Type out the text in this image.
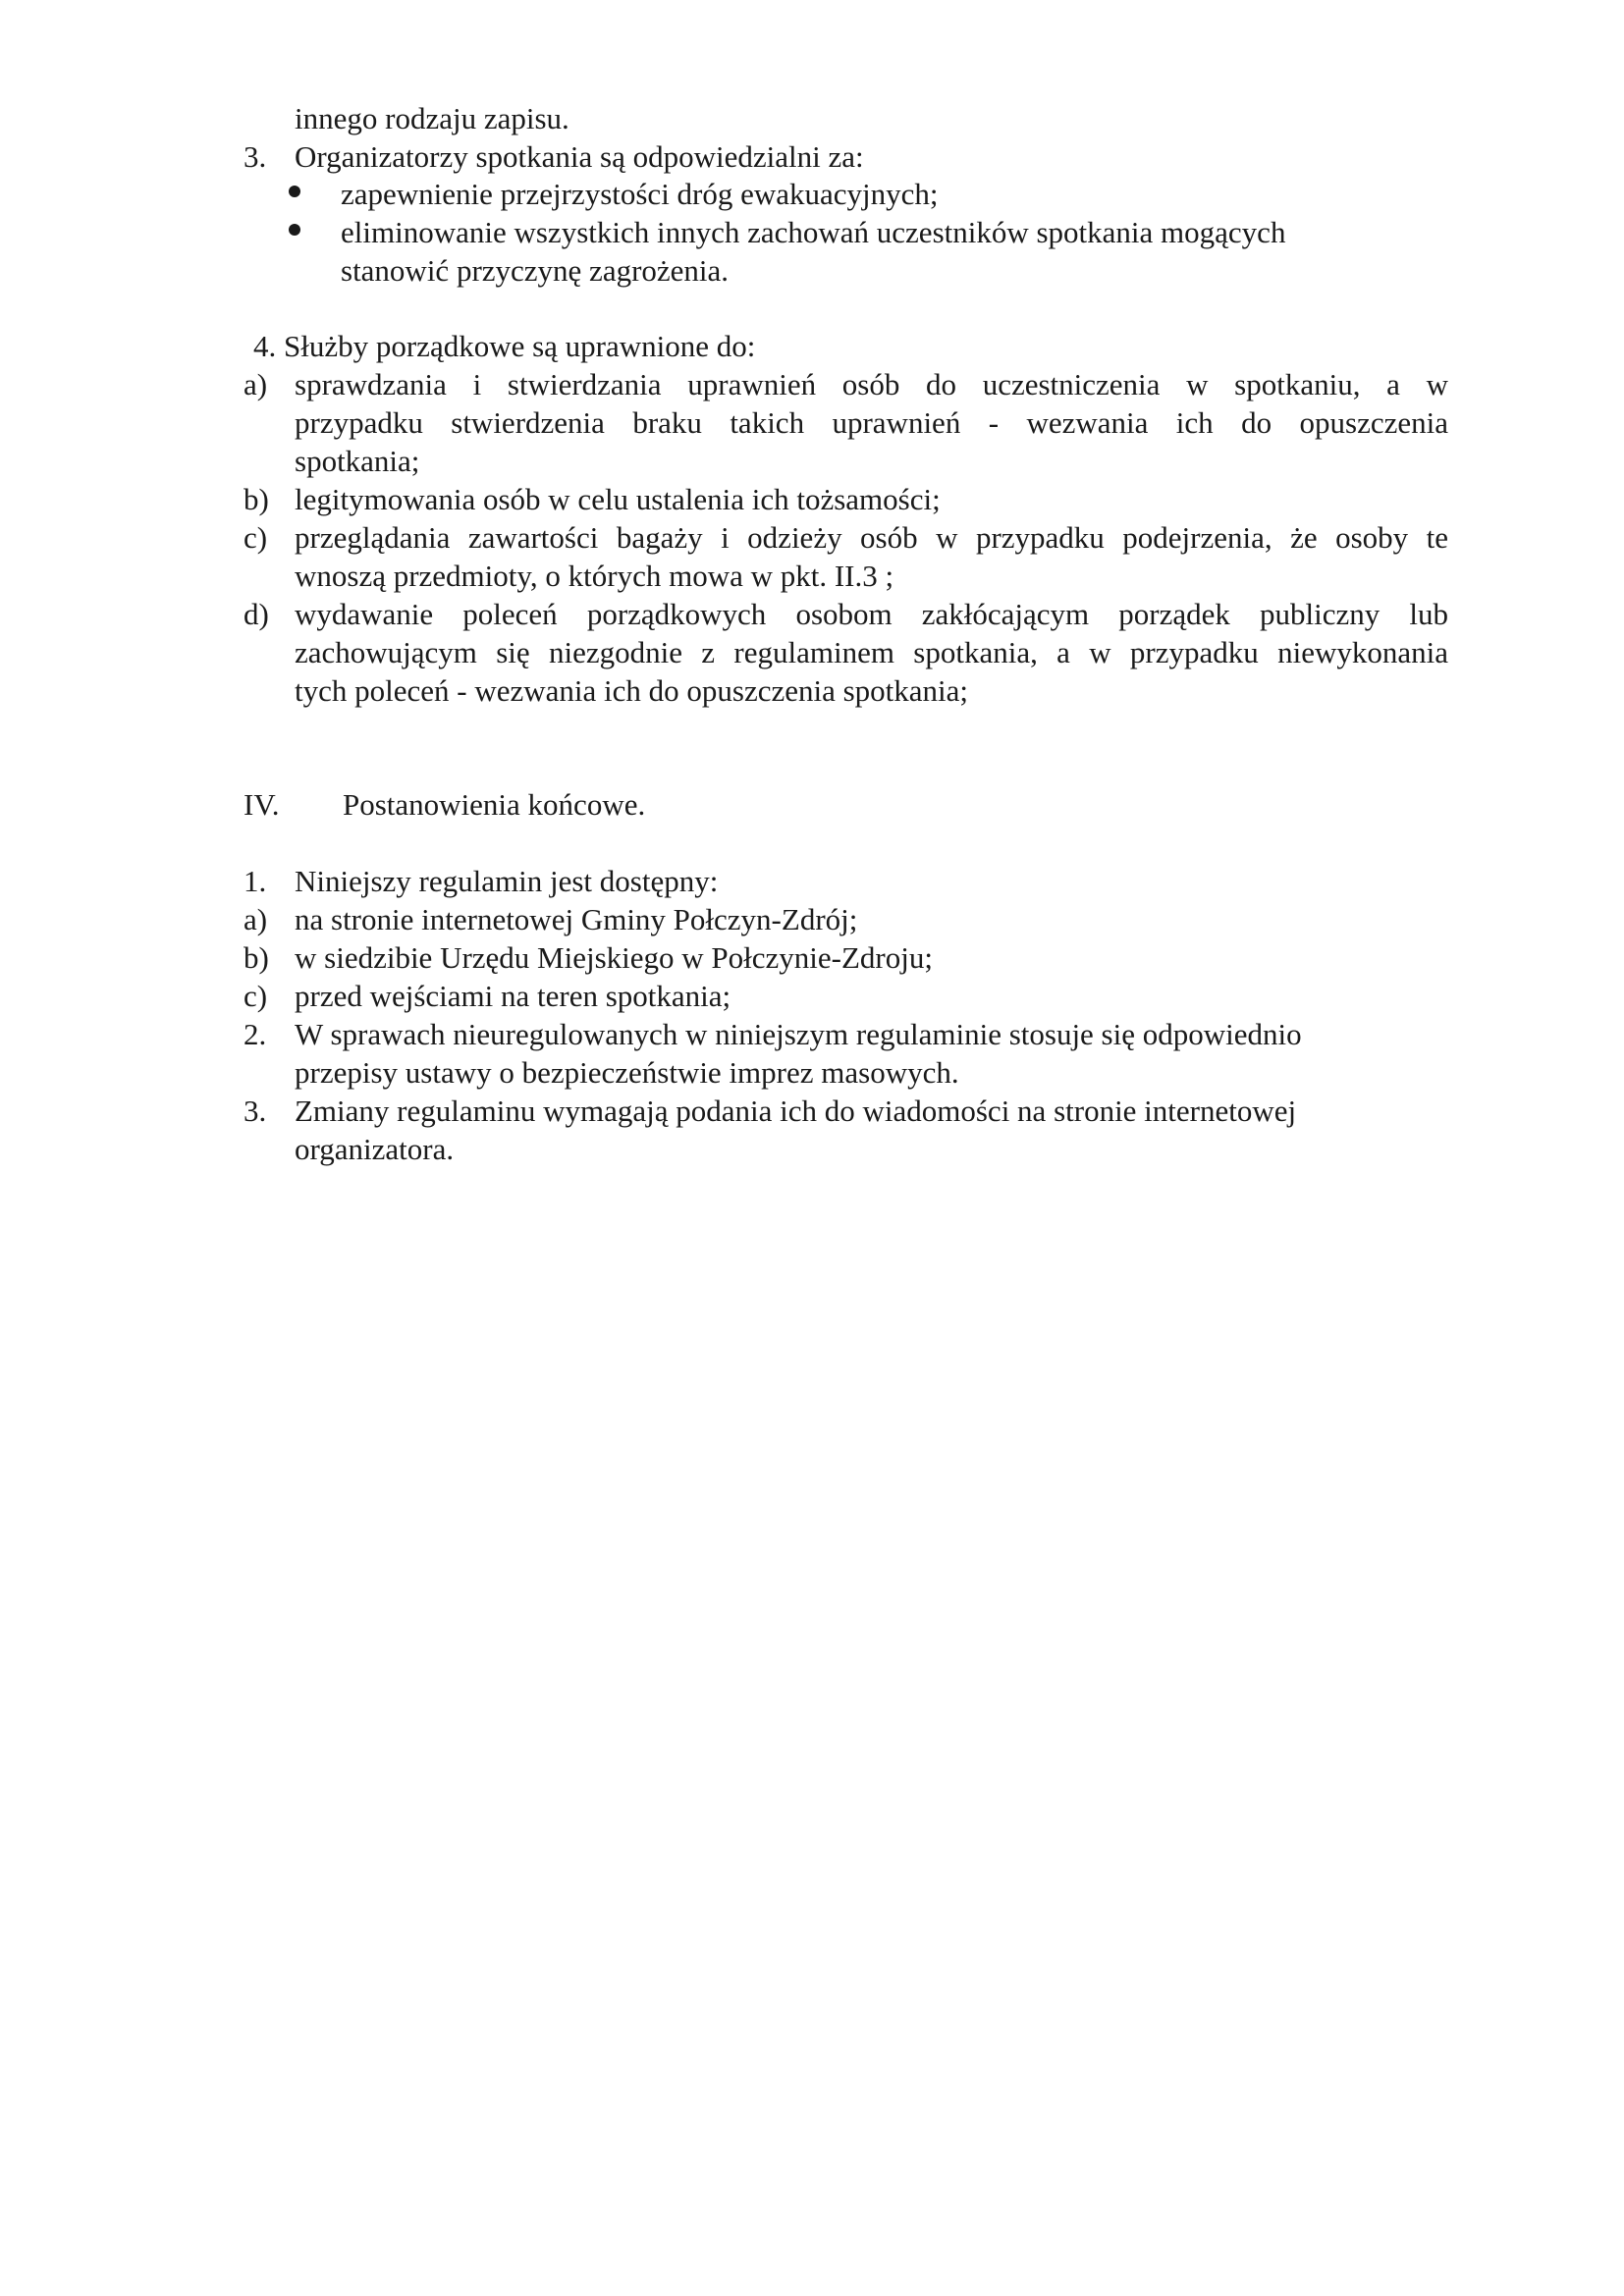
innego rodzaju zapisu.
3. Organizatorzy spotkania są odpowiedzialni za:
zapewnienie przejrzystości dróg ewakuacyjnych;
eliminowanie wszystkich innych zachowań uczestników spotkania mogących
stanowić przyczynę zagrożenia.
4. Służby porządkowe są uprawnione do:
a) sprawdzania i stwierdzania uprawnień osób do uczestniczenia w spotkaniu, a w
przypadku stwierdzenia braku takich uprawnień - wezwania ich do opuszczenia
spotkania;
b) legitymowania osób w celu ustalenia ich tożsamości;
c) przeglądania zawartości bagaży i odzieży osób w przypadku podejrzenia, że osoby te
wnoszą przedmioty, o których mowa w pkt. II.3 ;
d) wydawanie poleceń porządkowych osobom zakłócającym porządek publiczny lub
zachowującym się niezgodnie z regulaminem spotkania, a w przypadku niewykonania
tych poleceń - wezwania ich do opuszczenia spotkania;
IV. Postanowienia końcowe.
1. Niniejszy regulamin jest dostępny:
a) na stronie internetowej Gminy Połczyn-Zdrój;
b) w siedzibie Urzędu Miejskiego w Połczynie-Zdroju;
c) przed wejściami na teren spotkania;
2. W sprawach nieuregulowanych w niniejszym regulaminie stosuje się odpowiednio
przepisy ustawy o bezpieczeństwie imprez masowych.
3. Zmiany regulaminu wymagają podania ich do wiadomości na stronie internetowej
organizatora.
